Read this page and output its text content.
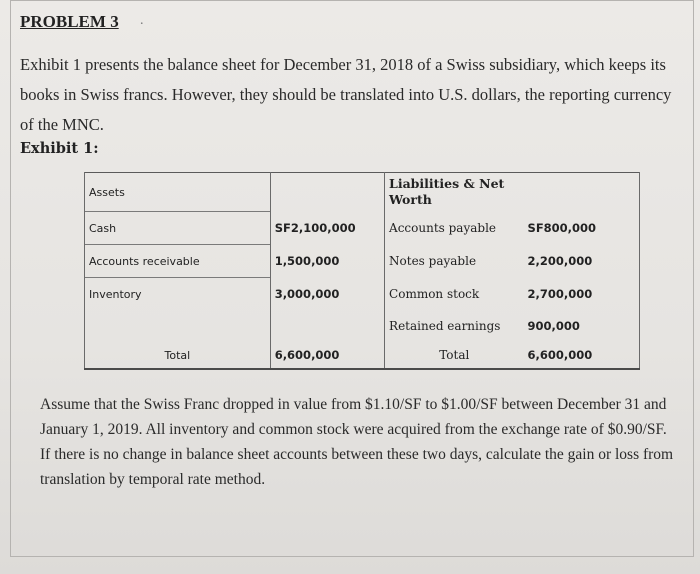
PROBLEM 3 .
Exhibit 1 presents the balance sheet for December 31, 2018 of a Swiss subsidiary, which keeps its books in Swiss francs. However, they should be translated into U.S. dollars, the reporting currency of the MNC.
Exhibit 1:
Assets		Liabilities & Net Worth	
Cash	SF2,100,000	Accounts payable	SF800,000
Accounts receivable	1,500,000	Notes payable	2,200,000
Inventory	3,000,000	Common stock	2,700,000
		Retained earnings	900,000
Total	6,600,000	Total	6,600,000
Assume that the Swiss Franc dropped in value from $1.10/SF to $1.00/SF between December 31 and January 1, 2019. All inventory and common stock were acquired from the exchange rate of $0.90/SF. If there is no change in balance sheet accounts between these two days, calculate the gain or loss from translation by temporal rate method.
